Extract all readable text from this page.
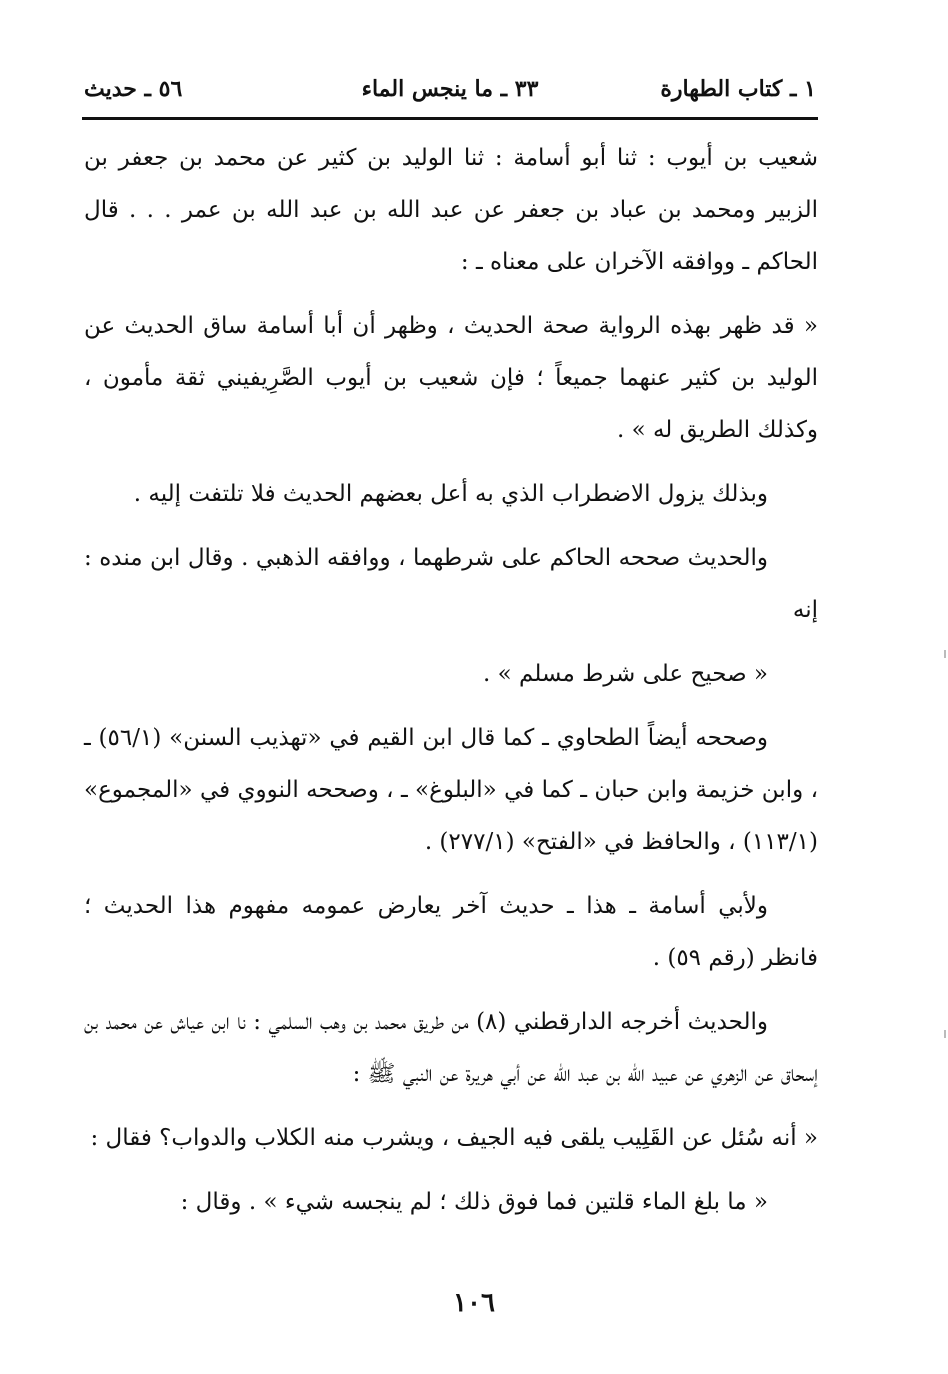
١ ـ كتاب الطهارة
٣٣ ـ ما ينجس الماء
٥٦ ـ حديث

شعيب بن أيوب : ثنا أبو أسامة : ثنا الوليد بن كثير عن محمد بن جعفر بن الزبير ومحمد بن عباد بن جعفر عن عبد الله بن عبد الله بن عمر . . . قال الحاكم ـ ووافقه الآخران على معناه ـ :

« قد ظهر بهذه الرواية صحة الحديث ، وظهر أن أبا أسامة ساق الحديث عن الوليد بن كثير عنهما جميعاً ؛ فإن شعيب بن أيوب الصَّرِيفيني ثقة مأمون ، وكذلك الطريق له » .

وبذلك يزول الاضطراب الذي به أعل بعضهم الحديث فلا تلتفت إليه .

والحديث صححه الحاكم على شرطهما ، ووافقه الذهبي . وقال ابن منده : إنه

« صحيح على شرط مسلم » .

وصححه أيضاً الطحاوي ـ كما قال ابن القيم في «تهذيب السنن» (٥٦/١) ـ ، وابن خزيمة وابن حبان ـ كما في «البلوغ» ـ ، وصححه النووي في «المجموع» (١١٣/١) ، والحافظ في «الفتح» (٢٧٧/١) .

ولأبي أسامة ـ هذا ـ حديث آخر يعارض عمومه مفهوم هذا الحديث ؛ فانظر (رقم ٥٩) .

والحديث أخرجه الدارقطني (٨) من طريق محمد بن وهب السلمي : نا ابن عياش عن محمد بن إسحاق عن الزهري عن عبيد الله بن عبد الله عن أبي هريرة عن النبي ﷺ :

« أنه سُئل عن القَلِيب يلقى فيه الجيف ، ويشرب منه الكلاب والدواب؟ فقال :

« ما بلغ الماء قلتين فما فوق ذلك ؛ لم ينجسه شيء » . وقال :

١٠٦
